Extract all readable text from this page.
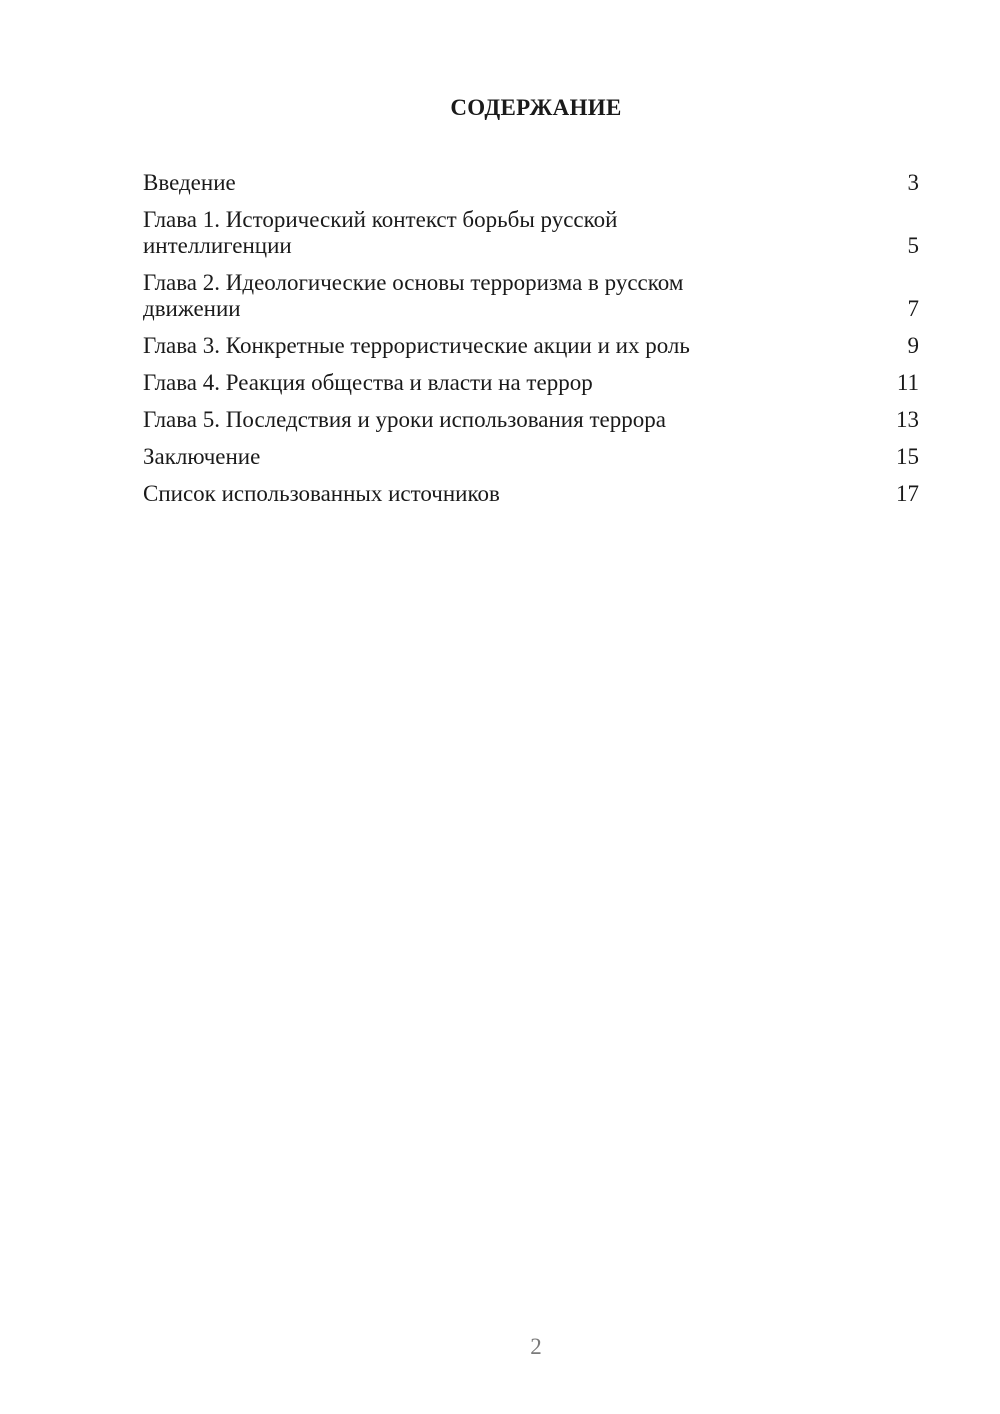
СОДЕРЖАНИЕ
Введение	3
Глава 1. Исторический контекст борьбы русской интеллигенции	5
Глава 2. Идеологические основы терроризма в русском движении	7
Глава 3. Конкретные террористические акции и их роль	9
Глава 4. Реакция общества и власти на террор	11
Глава 5. Последствия и уроки использования террора	13
Заключение	15
Список использованных источников	17
2
